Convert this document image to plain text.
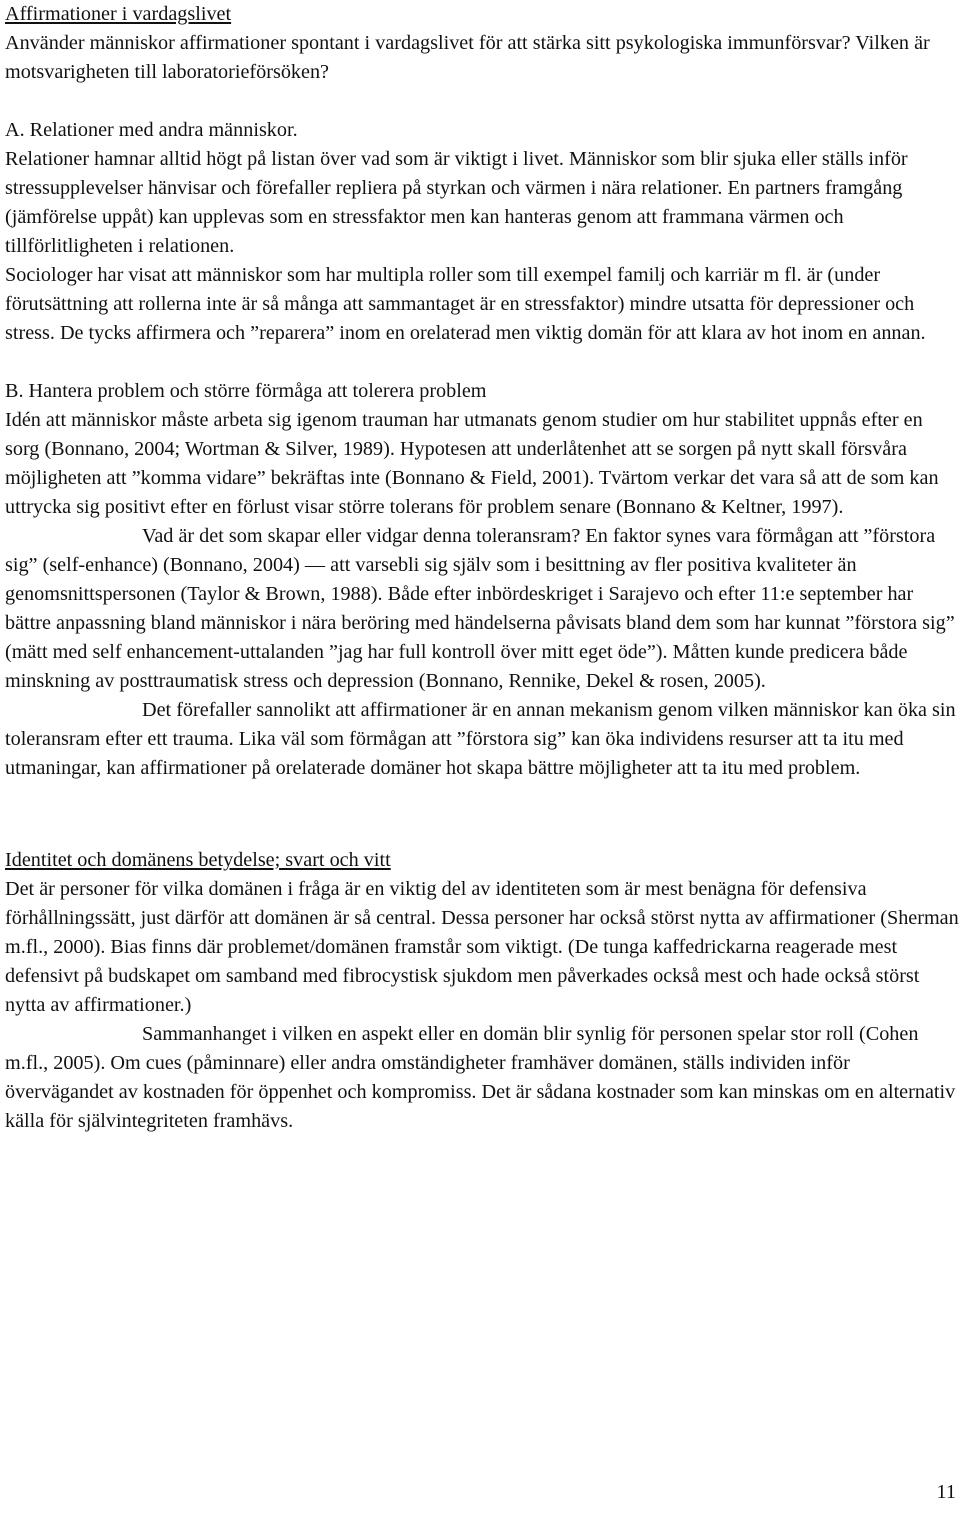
Affirmationer i vardagslivet

Använder människor affirmationer spontant i vardagslivet för att stärka sitt psykologiska immunförsvar? Vilken är motsvarigheten till laboratorieförsöken?

A. Relationer med andra människor.

Relationer hamnar alltid högt på listan över vad som är viktigt i livet. Människor som blir sjuka eller ställs inför stressupplevelser hänvisar och förefaller repliera på styrkan och värmen i nära relationer. En partners framgång (jämförelse uppåt) kan upplevas som en stressfaktor men kan hanteras genom att frammana värmen och tillförlitligheten i relationen.

Sociologer har visat att människor som har multipla roller som till exempel familj och karriär m fl. är (under förutsättning att rollerna inte är så många att sammantaget är en stressfaktor) mindre utsatta för depressioner och stress. De tycks affirmera och ”reparera” inom en orelaterad men viktig domän för att klara av hot inom en annan.

B. Hantera problem och större förmåga att tolerera problem

Idén att människor måste arbeta sig igenom trauman har utmanats genom studier om hur stabilitet uppnås efter en sorg (Bonnano, 2004; Wortman & Silver, 1989). Hypotesen att underlåtenhet att se sorgen på nytt skall försvåra möjligheten att ”komma vidare” bekräftas inte (Bonnano & Field, 2001). Tvärtom verkar det vara så att de som kan uttrycka sig positivt efter en förlust visar större tolerans för problem senare (Bonnano & Keltner, 1997).

Vad är det som skapar eller vidgar denna toleransram? En faktor synes vara förmågan att ”förstora sig” (self-enhance) (Bonnano, 2004) — att varsebli sig själv som i besittning av fler positiva kvaliteter än genomsnittspersonen (Taylor & Brown, 1988). Både efter inbördeskriget i Sarajevo och efter 11:e september har bättre anpassning bland människor i nära beröring med händelserna påvisats bland dem som har kunnat ”förstora sig” (mätt med self enhancement-uttalanden ”jag har full kontroll över mitt eget öde”). Måtten kunde predicera både minskning av posttraumatisk stress och depression (Bonnano, Rennike, Dekel & rosen, 2005).

Det förefaller sannolikt att affirmationer är en annan mekanism genom vilken människor kan öka sin toleransram efter ett trauma. Lika väl som förmågan att ”förstora sig” kan öka individens resurser att ta itu med utmaningar, kan affirmationer på orelaterade domäner hot skapa bättre möjligheter att ta itu med problem.

Identitet och domänens betydelse; svart och vitt

Det är personer för vilka domänen i fråga är en viktig del av identiteten som är mest benägna för defensiva förhållningssätt, just därför att domänen är så central. Dessa personer har också störst nytta av affirmationer (Sherman m.fl., 2000). Bias finns där problemet/domänen framstår som viktigt. (De tunga kaffedrickarna reagerade mest defensivt på budskapet om samband med fibrocystisk sjukdom men påverkades också mest och hade också störst nytta av affirmationer.)

Sammanhanget i vilken en aspekt eller en domän blir synlig för personen spelar stor roll (Cohen m.fl., 2005). Om cues (påminnare) eller andra omständigheter framhäver domänen, ställs individen inför övervägandet av kostnaden för öppenhet och kompromiss. Det är sådana kostnader som kan minskas om en alternativ källa för självintegriteten framhävs.

11
